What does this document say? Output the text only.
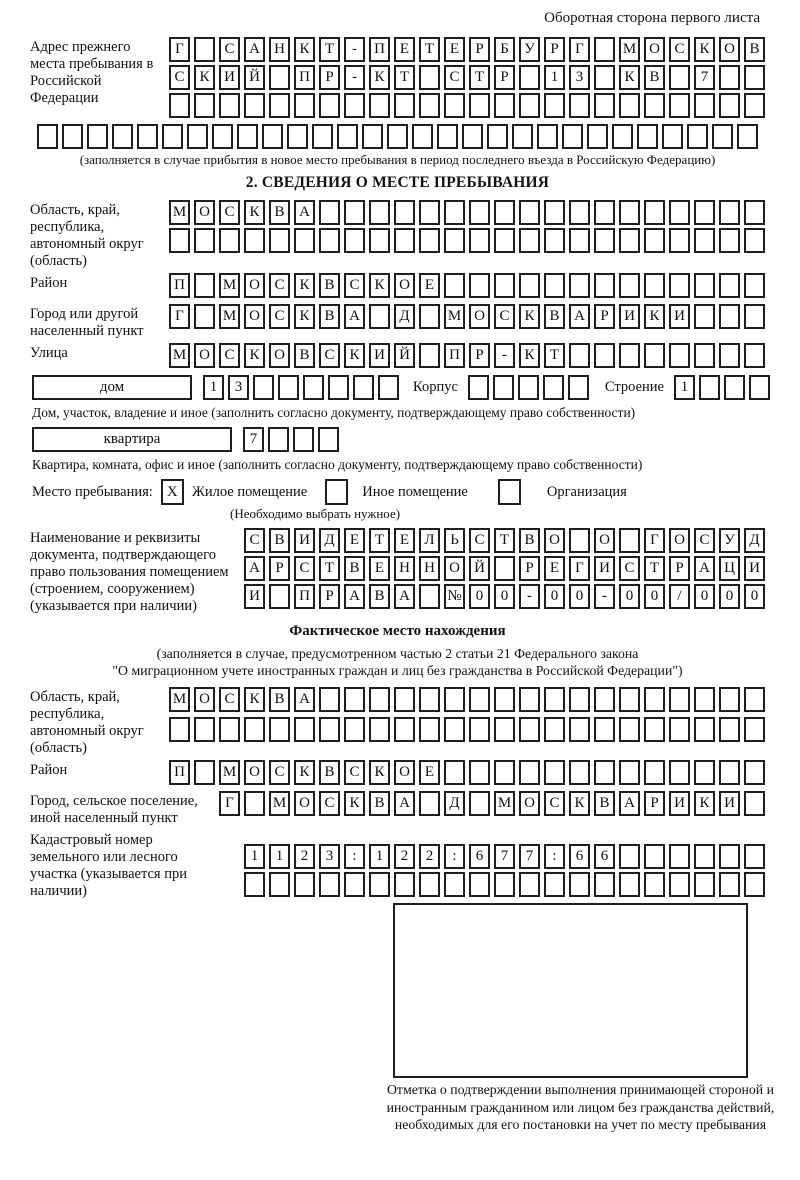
Оборотная сторона первого листа
Адрес прежнего места пребывания в Российской Федерации
Г	С А Н К Т - П Е Т Е Р Б У Р Г	М О С К О В
С К И Й	П Р - К Т	С Т Р	1 3	К В	7

(заполняется в случае прибытия в новое место пребывания в период последнего въезда в Российскую Федерацию)
2. СВЕДЕНИЯ О МЕСТЕ ПРЕБЫВАНИЯ
Область, край, республика, автономный округ (область)
М О С К В А

Район	П	М О С К В С К О Е
Город или другой населенный пункт
Г	М О С К В А	Д	М О С К В А Р И К И
Улица	М О С К О В С К И Й	П Р - К Т
дом	1 3	Корпус	Строение 1
Дом, участок, владение и иное (заполнить согласно документу, подтверждающему право собственности)
квартира	7
Квартира, комната, офис и иное (заполнить согласно документу, подтверждающему право собственности)
Место пребывания: X Жилое помещение	Иное помещение	Организация
(Необходимо выбрать нужное)
Наименование и реквизиты документа, подтверждающего право пользования помещением (строением, сооружением) (указывается при наличии)
С В И Д Е Т Е Л Ь С Т В О	О	Г О С У Д
А Р С Т В Е Н Н О Й	Р Е Г И С Т Р А Ц И
И	П Р А В А № 0 0 - 0 0 - 0 0 / 0 0 0
Фактическое место нахождения
(заполняется в случае, предусмотренном частью 2 статьи 21 Федерального закона
"О миграционном учете иностранных граждан и лиц без гражданства в Российской Федерации")
Область, край, республика, автономный округ (область)
М О С К В А

Район	П	М О С К В С К О Е
Город, сельское поселение, иной населенный пункт
Г	М О С К В А	Д	М О С К В А Р И К И
Кадастровый номер земельного или лесного участка (указывается при наличии)
1 1 2 3 : 1 2 2 : 6 7 7 : 6 6

Отметка о подтверждении выполнения принимающей стороной и иностранным гражданином или лицом без гражданства действий, необходимых для его постановки на учет по месту пребывания
